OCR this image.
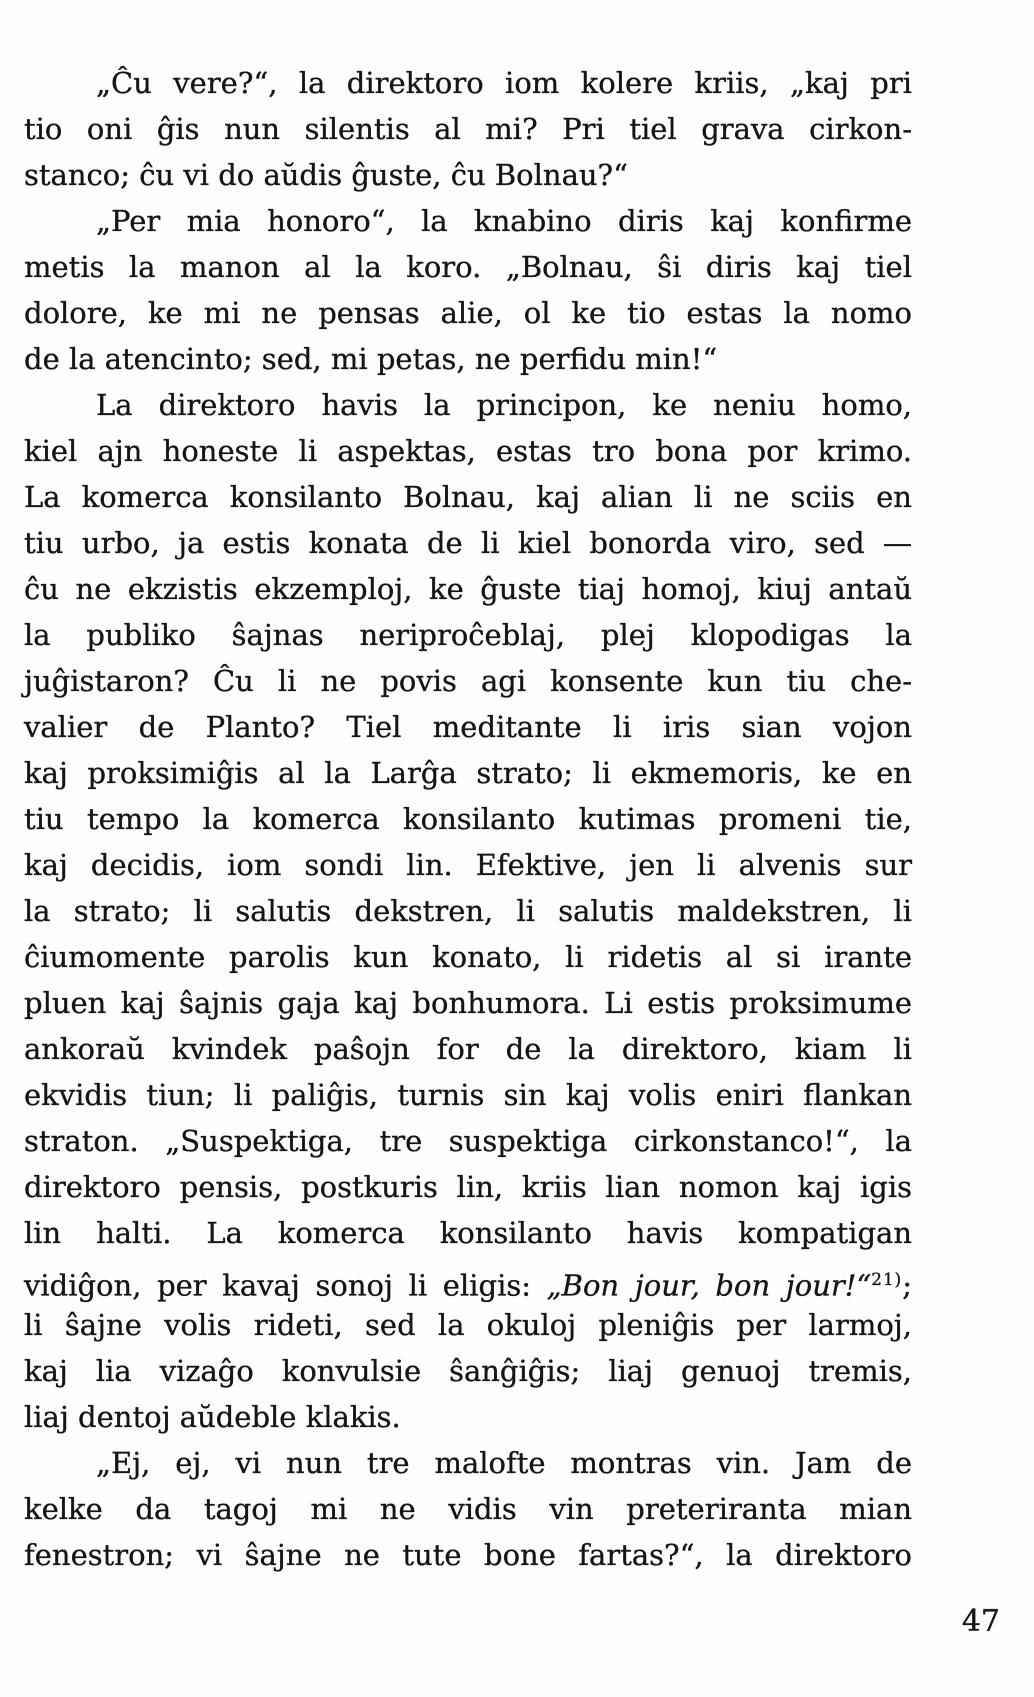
„Ĉu vere?“, la direktoro iom kolere kriis, „kaj pri
tio oni ĝis nun silentis al mi? Pri tiel grava cirkon-
stanco; ĉu vi do aŭdis ĝuste, ĉu Bolnau?“
„Per mia honoro“, la knabino diris kaj konfirme
metis la manon al la koro. „Bolnau, ŝi diris kaj tiel
dolore, ke mi ne pensas alie, ol ke tio estas la nomo
de la atencinto; sed, mi petas, ne perfidu min!“
La direktoro havis la principon, ke neniu homo,
kiel ajn honeste li aspektas, estas tro bona por krimo.
La komerca konsilanto Bolnau, kaj alian li ne sciis en
tiu urbo, ja estis konata de li kiel bonorda viro, sed —
ĉu ne ekzistis ekzemploj, ke ĝuste tiaj homoj, kiuj antaŭ
la publiko ŝajnas neriproĉeblaj, plej klopodigas la
juĝistaron? Ĉu li ne povis agi konsente kun tiu che-
valier de Planto? Tiel meditante li iris sian vojon
kaj proksimiĝis al la Larĝa strato; li ekmemoris, ke en
tiu tempo la komerca konsilanto kutimas promeni tie,
kaj decidis, iom sondi lin. Efektive, jen li alvenis sur
la strato; li salutis dekstren, li salutis maldekstren, li
ĉiumomente parolis kun konato, li ridetis al si irante
pluen kaj ŝajnis gaja kaj bonhumora. Li estis proksimume
ankoraŭ kvindek paŝojn for de la direktoro, kiam li
ekvidis tiun; li paliĝis, turnis sin kaj volis eniri flankan
straton. „Suspektiga, tre suspektiga cirkonstanco!“, la
direktoro pensis, postkuris lin, kriis lian nomon kaj igis
lin halti. La komerca konsilanto havis kompatigan
vidiĝon, per kavaj sonoj li eligis: „Bon jour, bon jour!“$^{21)}$;
li ŝajne volis rideti, sed la okuloj pleniĝis per larmoj,
kaj lia vizaĝo konvulsie ŝanĝiĝis; liaj genuoj tremis,
liaj dentoj aŭdeble klakis.
„Ej, ej, vi nun tre malofte montras vin. Jam de
kelke da tagoj mi ne vidis vin preteriranta mian
fenestron; vi ŝajne ne tute bone fartas?“, la direktoro
47
